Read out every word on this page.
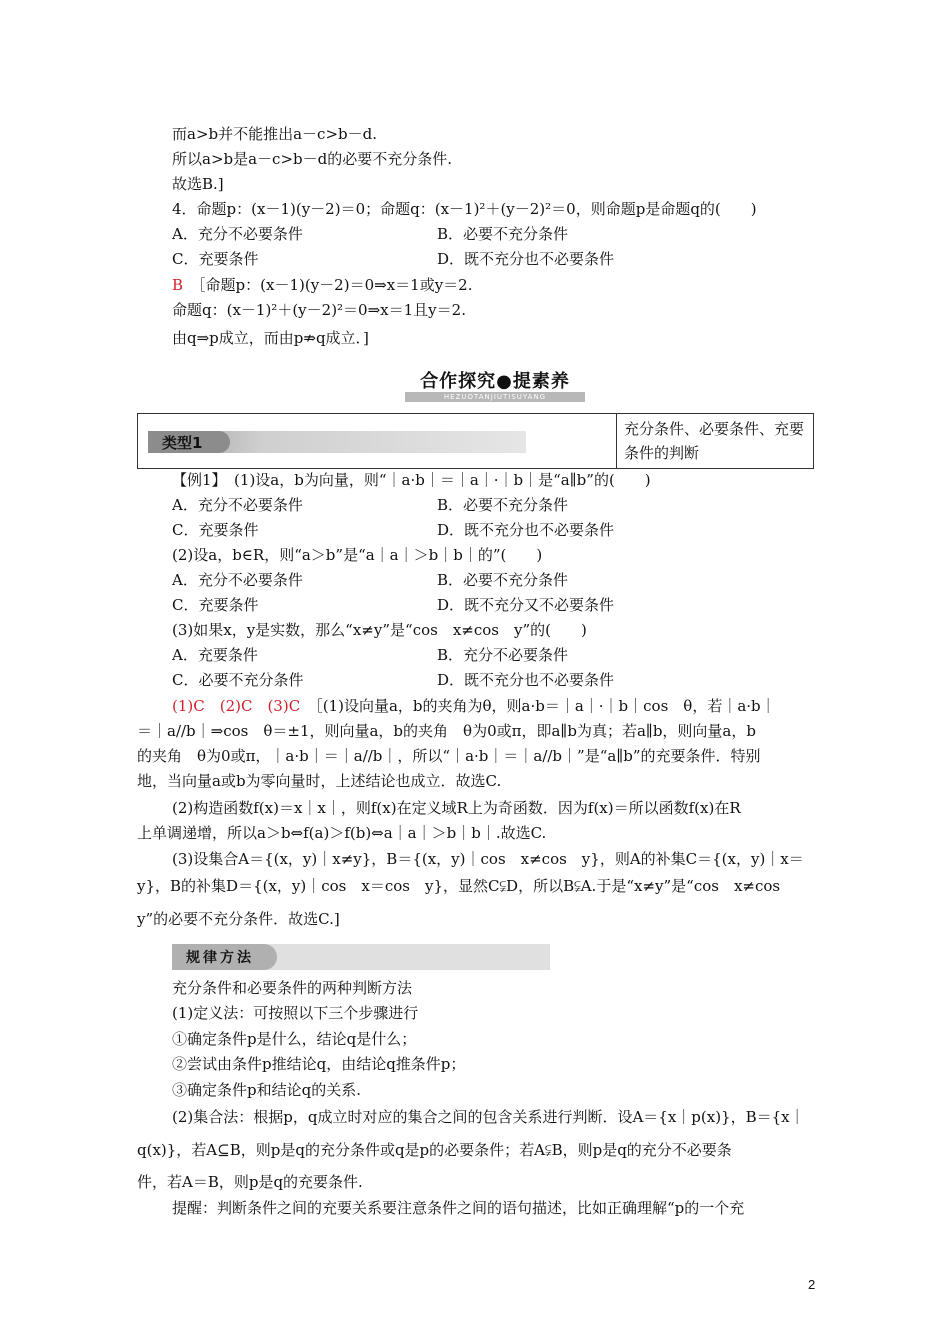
而a>b并不能推出a－c>b－d.
所以a>b是a－c>b－d的必要不充分条件.
故选B.]
4．命题p：(x－1)(y－2)＝0；命题q：(x－1)²＋(y－2)²＝0，则命题p是命题q的(　　)
A．充分不必要条件	B．必要不充分条件
C．充要条件	D．既不充分也不必要条件
B　 ［命题p：(x－1)(y－2)＝0⇒x＝1或y＝2.
命题q：(x－1)²＋(y－2)²＝0⇒x＝1且y＝2.
由q⇒p成立，而由p⇏q成立．]
合作探究●提素养
HEZUOTANJIUTISUYANG
类型1
充分条件、必要条件、充要条件的判断
【例1】　(1)设a，b为向量，则“｜a·b｜＝｜a｜·｜b｜是“a∥b”的(　　)
A．充分不必要条件	B．必要不充分条件
C．充要条件	D．既不充分也不必要条件
(2)设a，b∈R，则“a＞b”是“a｜a｜＞b｜b｜的”(　　)
A．充分不必要条件	B．必要不充分条件
C．充要条件	D．既不充分又不必要条件
(3)如果x，y是实数，那么“x≠y”是“cos　x≠cos　y”的(　　)
A．充要条件	B．充分不必要条件
C．必要不充分条件	D．既不充分也不必要条件
(1)C　(2)C　(3)C　 ［(1)设向量a，b的夹角为θ，则a·b＝｜a｜·｜b｜cos　θ，若｜a·b｜
＝｜a//b｜⇒cos　θ＝±1，则向量a，b的夹角　θ为0或π，即a∥b为真；若a∥b，则向量a，b
的夹角　θ为0或π，｜a·b｜＝｜a//b｜，所以“｜a·b｜＝｜a//b｜”是“a∥b”的充要条件．特别
地，当向量a或b为零向量时，上述结论也成立．故选C.
(2)构造函数f(x)＝x｜x｜，则f(x)在定义域R上为奇函数．因为f(x)＝所以函数f(x)在R
上单调递增，所以a＞b⇔f(a)＞f(b)⇔a｜a｜＞b｜b｜.故选C.
(3)设集合A＝{(x，y)｜x≠y}，B＝{(x，y)｜cos　x≠cos　y}，则A的补集C＝{(x，y)｜x＝
y}，B的补集D＝{(x，y)｜cos　x＝cos　y}，显然C⫋D，所以B⫋A.于是“x≠y”是“cos　x≠cos
y”的必要不充分条件．故选C.]
规律方法
充分条件和必要条件的两种判断方法
(1)定义法：可按照以下三个步骤进行
①确定条件p是什么，结论q是什么；
②尝试由条件p推结论q，由结论q推条件p；
③确定条件p和结论q的关系.
(2)集合法：根据p，q成立时对应的集合之间的包含关系进行判断．设A＝{x｜p(x)}，B＝{x｜
q(x)}，若A⊆B，则p是q的充分条件或q是p的必要条件；若A⫋B，则p是q的充分不必要条
件，若A＝B，则p是q的充要条件.
提醒：判断条件之间的充要关系要注意条件之间的语句描述，比如正确理解“p的一个充
2
